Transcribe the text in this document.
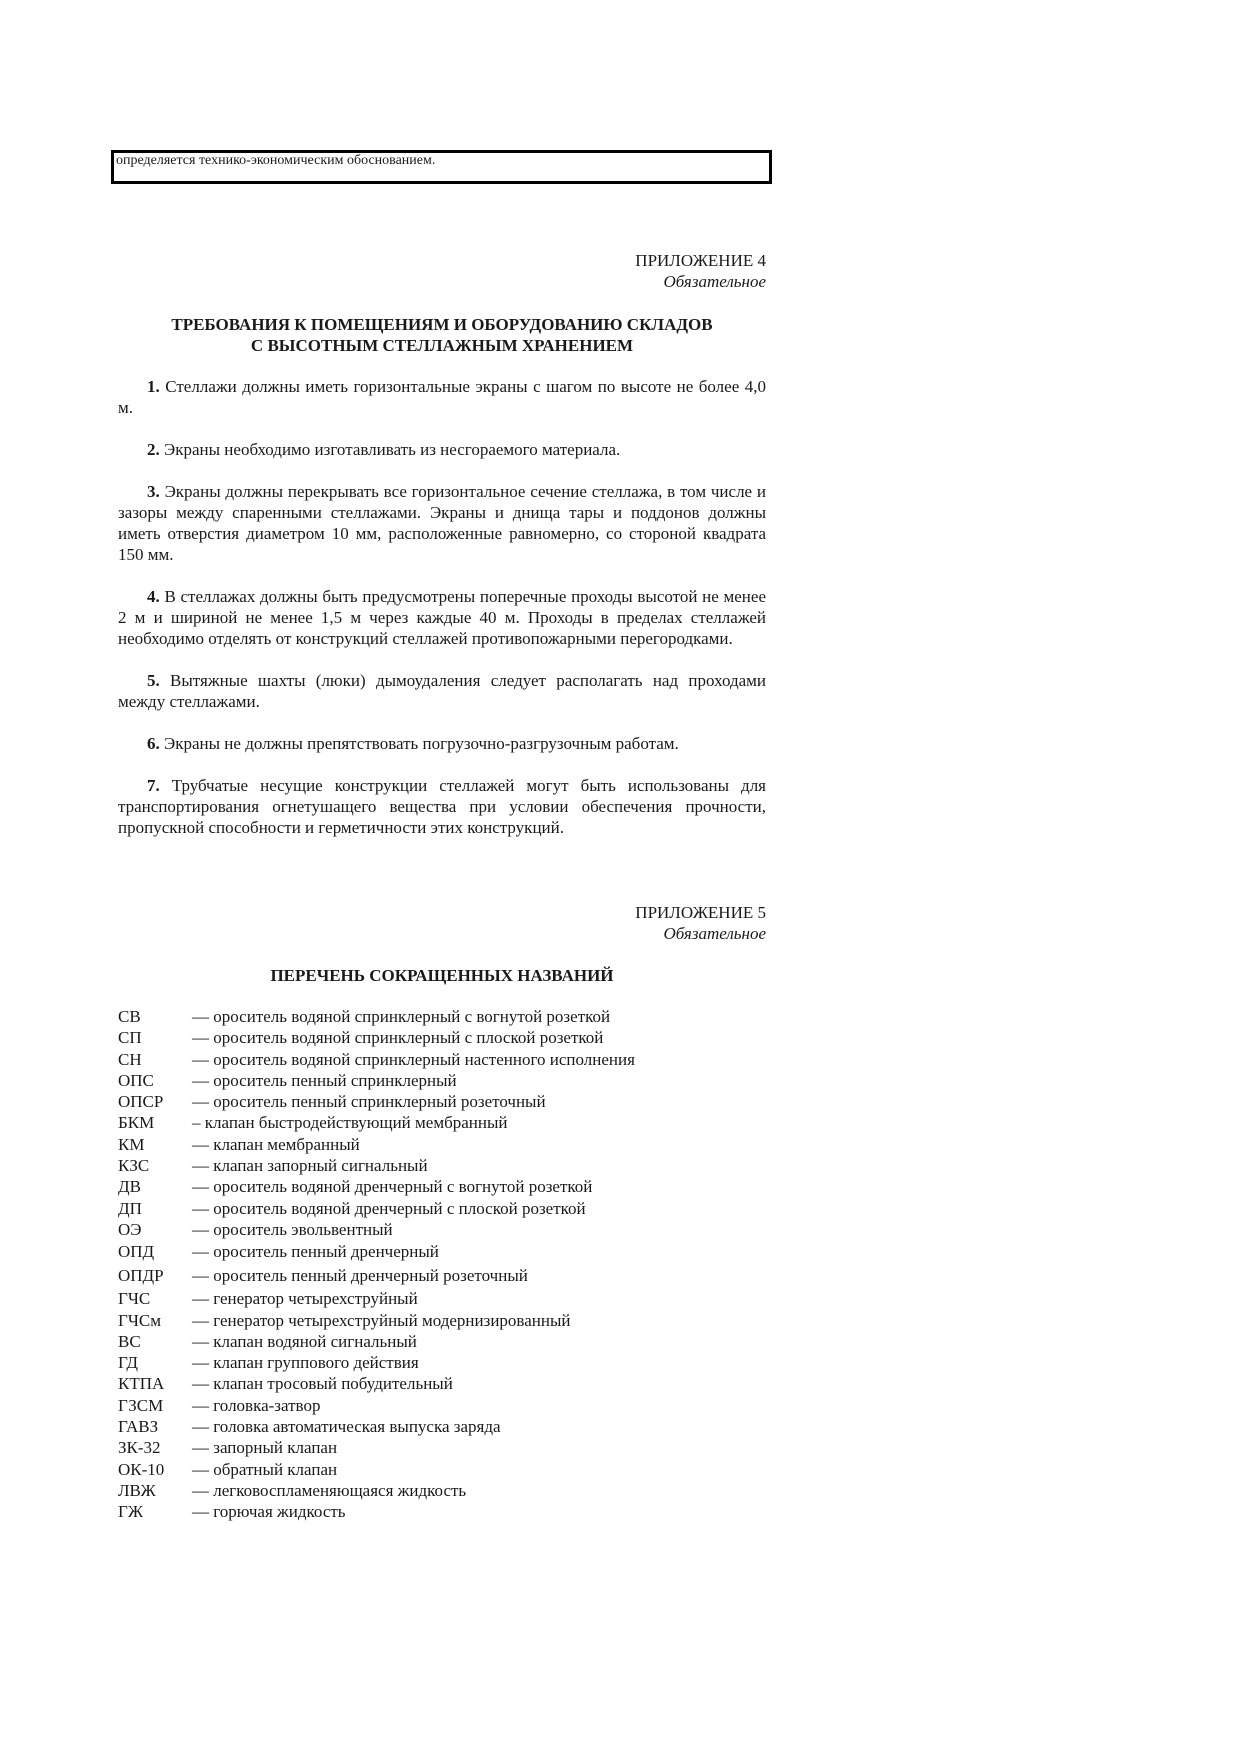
определяется технико-экономическим обоснованием.
ПРИЛОЖЕНИЕ 4
Обязательное
ТРЕБОВАНИЯ К ПОМЕЩЕНИЯМ И ОБОРУДОВАНИЮ СКЛАДОВ
С ВЫСОТНЫМ СТЕЛЛАЖНЫМ ХРАНЕНИЕМ

1. Стеллажи должны иметь горизонтальные экраны с шагом по высоте не более 4,0 м.

2. Экраны необходимо изготавливать из несгораемого материала.

3. Экраны должны перекрывать все горизонтальное сечение стеллажа, в том числе и зазоры между спаренными стеллажами. Экраны и днища тары и поддонов должны иметь отверстия диаметром 10 мм, расположенные равномерно, со стороной квадрата 150 мм.

4. В стеллажах должны быть предусмотрены поперечные проходы высотой не менее 2 м и шириной не менее 1,5 м через каждые 40 м. Проходы в пределах стеллажей необходимо отделять от конструкций стеллажей противопожарными перегородками.

5. Вытяжные шахты (люки) дымоудаления следует располагать над проходами между стеллажами.

6. Экраны не должны препятствовать погрузочно-разгрузочным работам.

7. Трубчатые несущие конструкции стеллажей могут быть использованы для транспортирования огнетушащего вещества при условии обеспечения прочности, пропускной способности и герметичности этих конструкций.

ПРИЛОЖЕНИЕ 5
Обязательное
ПЕРЕЧЕНЬ СОКРАЩЕННЫХ НАЗВАНИЙ
СВ	— ороситель водяной спринклерный с вогнутой розеткой
СП	— ороситель водяной спринклерный с плоской розеткой
СН	— ороситель водяной спринклерный настенного исполнения
ОПС	— ороситель пенный спринклерный
ОПСР	— ороситель пенный спринклерный розеточный
БКМ	– клапан быстродействующий мембранный
КМ	— клапан мембранный
КЗС	— клапан запорный сигнальный
ДВ	— ороситель водяной дренчерный с вогнутой розеткой
ДП	— ороситель водяной дренчерный с плоской розеткой
ОЭ	— ороситель эвольвентный
ОПД	— ороситель пенный дренчерный
ОПДР	— ороситель пенный дренчерный розеточный
ГЧС	— генератор четырехструйный
ГЧСм	— генератор четырехструйный модернизированный
ВС	— клапан водяной сигнальный
ГД	— клапан группового действия
КТПА	— клапан тросовый побудительный
ГЗСМ	— головка-затвор
ГАВЗ	— головка автоматическая выпуска заряда
ЗК-32	— запорный клапан
ОК-10	— обратный клапан
ЛВЖ	— легковоспламеняющаяся жидкость
ГЖ	— горючая жидкость
